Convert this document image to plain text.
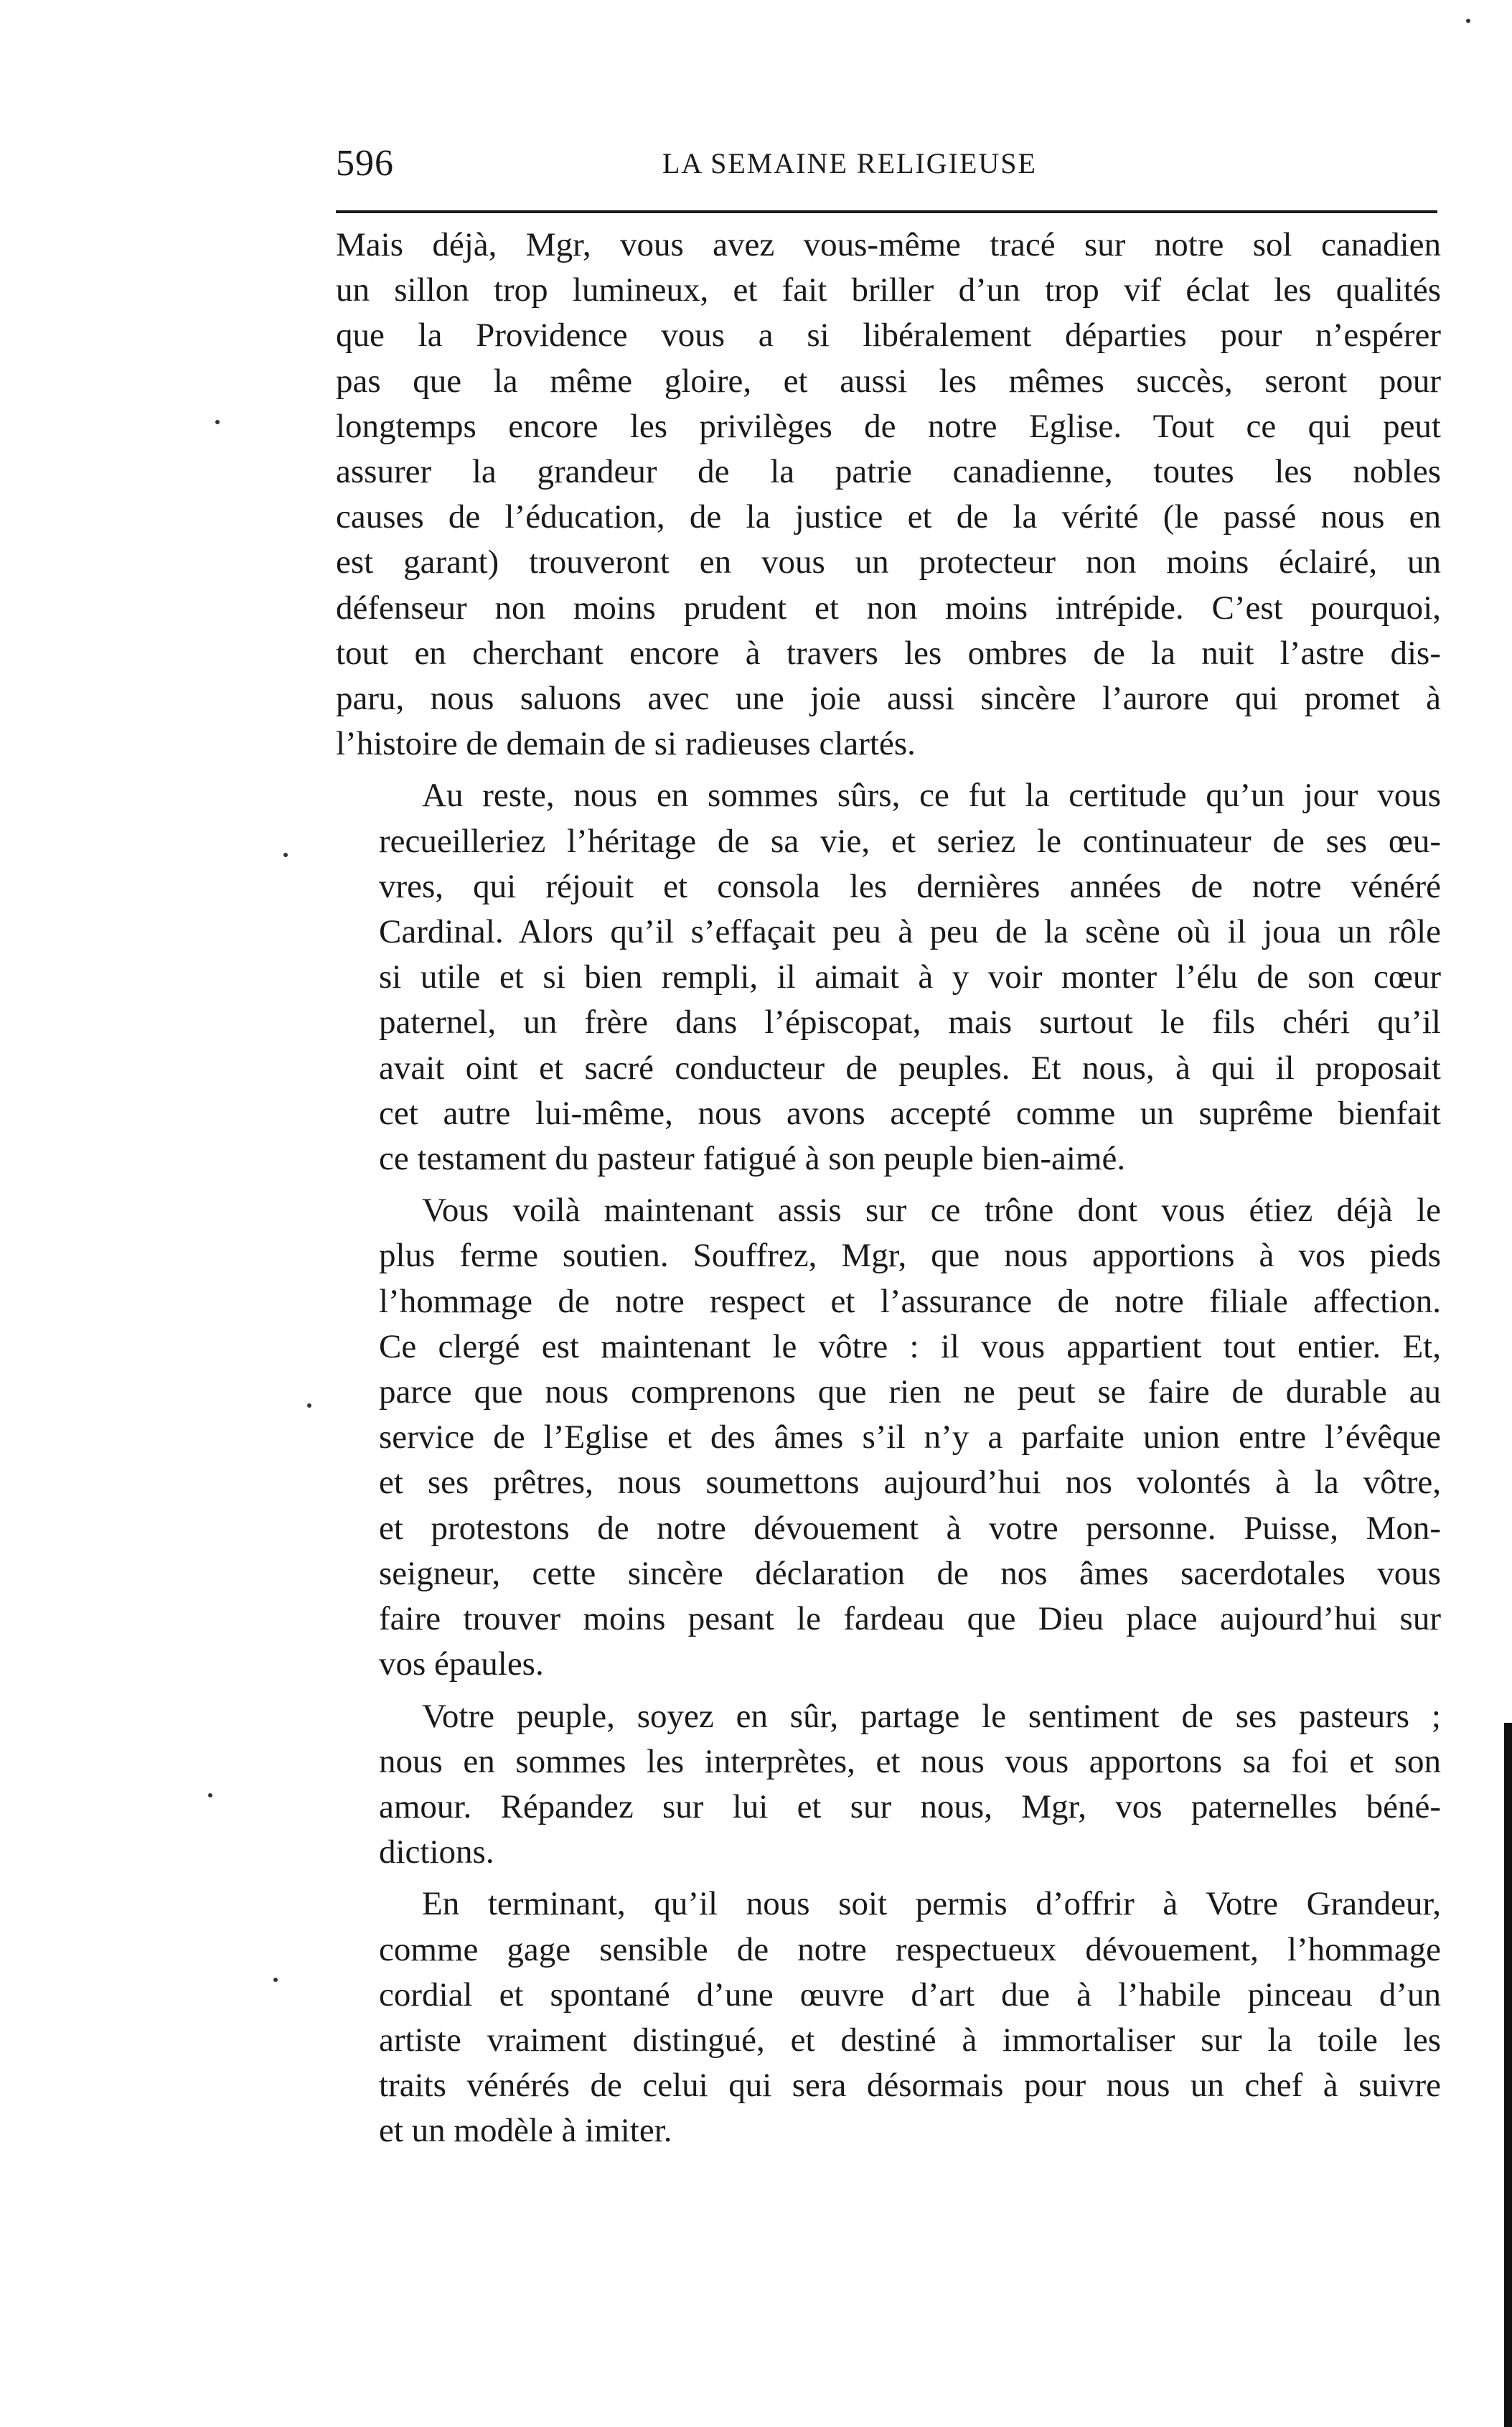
596	LA SEMAINE RELIGIEUSE
Mais déjà, Mgr, vous avez vous-même tracé sur notre sol canadien
un sillon trop lumineux, et fait briller d’un trop vif éclat les qualités
que la Providence vous a si libéralement départies pour n’espérer
pas que la même gloire, et aussi les mêmes succès, seront pour
longtemps encore les privilèges de notre Eglise. Tout ce qui peut
assurer la grandeur de la patrie canadienne, toutes les nobles
causes de l’éducation, de la justice et de la vérité (le passé nous en
est garant) trouveront en vous un protecteur non moins éclairé, un
défenseur non moins prudent et non moins intrépide. C’est pourquoi,
tout en cherchant encore à travers les ombres de la nuit l’astre dis-
paru, nous saluons avec une joie aussi sincère l’aurore qui promet à
l’histoire de demain de si radieuses clartés.
Au reste, nous en sommes sûrs, ce fut la certitude qu’un jour vous
recueilleriez l’héritage de sa vie, et seriez le continuateur de ses œu-
vres, qui réjouit et consola les dernières années de notre vénéré
Cardinal. Alors qu’il s’effaçait peu à peu de la scène où il joua un rôle
si utile et si bien rempli, il aimait à y voir monter l’élu de son cœur
paternel, un frère dans l’épiscopat, mais surtout le fils chéri qu’il
avait oint et sacré conducteur de peuples. Et nous, à qui il proposait
cet autre lui-même, nous avons accepté comme un suprême bienfait
ce testament du pasteur fatigué à son peuple bien-aimé.
Vous voilà maintenant assis sur ce trône dont vous étiez déjà le
plus ferme soutien. Souffrez, Mgr, que nous apportions à vos pieds
l’hommage de notre respect et l’assurance de notre filiale affection.
Ce clergé est maintenant le vôtre : il vous appartient tout entier. Et,
parce que nous comprenons que rien ne peut se faire de durable au
service de l’Eglise et des âmes s’il n’y a parfaite union entre l’évêque
et ses prêtres, nous soumettons aujourd’hui nos volontés à la vôtre,
et protestons de notre dévouement à votre personne. Puisse, Mon-
seigneur, cette sincère déclaration de nos âmes sacerdotales vous
faire trouver moins pesant le fardeau que Dieu place aujourd’hui sur
vos épaules.
Votre peuple, soyez en sûr, partage le sentiment de ses pasteurs ;
nous en sommes les interprètes, et nous vous apportons sa foi et son
amour. Répandez sur lui et sur nous, Mgr, vos paternelles béné-
dictions.
En terminant, qu’il nous soit permis d’offrir à Votre Grandeur,
comme gage sensible de notre respectueux dévouement, l’hommage
cordial et spontané d’une œuvre d’art due à l’habile pinceau d’un
artiste vraiment distingué, et destiné à immortaliser sur la toile les
traits vénérés de celui qui sera désormais pour nous un chef à suivre
et un modèle à imiter.
